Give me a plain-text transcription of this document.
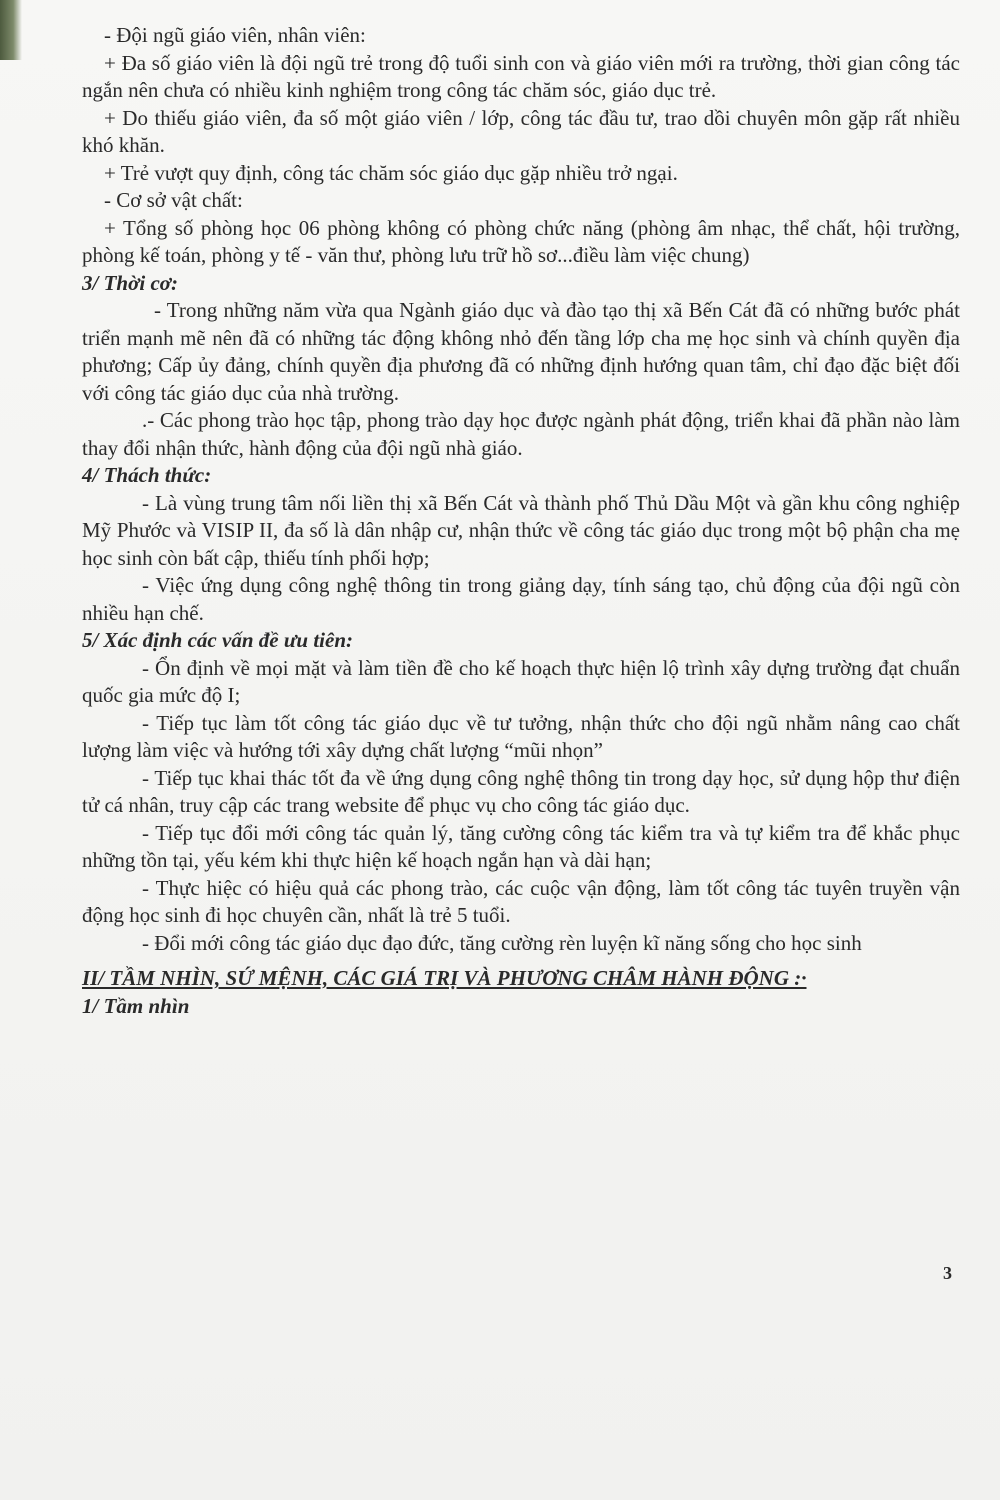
- Đội ngũ giáo viên, nhân viên:

+ Đa số giáo viên là đội ngũ trẻ trong độ tuổi sinh con và giáo viên mới ra trường, thời gian công tác ngắn nên chưa có nhiều kinh nghiệm trong công tác chăm sóc, giáo dục trẻ.

+ Do thiếu giáo viên, đa số một giáo viên / lớp, công tác đầu tư, trao dồi chuyên môn gặp rất nhiều khó khăn.

+ Trẻ vượt quy định, công tác chăm sóc giáo dục gặp nhiều trở ngại.

- Cơ sở vật chất:

+ Tổng số phòng học 06 phòng không có phòng chức năng (phòng âm nhạc, thể chất, hội trường, phòng kế toán, phòng y tế - văn thư, phòng lưu trữ hồ sơ...điều làm việc chung)

3/ Thời cơ:

- Trong những năm vừa qua Ngành giáo dục và đào tạo thị xã Bến Cát đã có những bước phát triển mạnh mẽ nên đã có những tác động không nhỏ đến tầng lớp cha mẹ học sinh và chính quyền địa phương; Cấp ủy đảng, chính quyền địa phương đã có những định hướng quan tâm, chỉ đạo đặc biệt đối với công tác giáo dục của nhà trường.

.- Các phong trào học tập, phong trào dạy học được ngành phát động, triển khai đã phần nào làm thay đổi nhận thức, hành động của đội ngũ nhà giáo.

4/ Thách thức:

- Là vùng trung tâm nối liền thị xã Bến Cát và thành phố Thủ Dầu Một và gần khu công nghiệp Mỹ Phước và VISIP II, đa số là dân nhập cư, nhận thức về công tác giáo dục trong một bộ phận cha mẹ học sinh còn bất cập, thiếu tính phối hợp;

- Việc ứng dụng công nghệ thông tin trong giảng dạy, tính sáng tạo, chủ động của đội ngũ còn nhiều hạn chế.

5/ Xác định các vấn đề ưu tiên:

- Ổn định về mọi mặt và làm tiền đề cho kế hoạch thực hiện lộ trình xây dựng trường đạt chuẩn quốc gia mức độ I;

- Tiếp tục làm tốt công tác giáo dục về tư tưởng, nhận thức cho đội ngũ nhằm nâng cao chất lượng làm việc và hướng tới xây dựng chất lượng “mũi nhọn”

- Tiếp tục khai thác tốt đa về ứng dụng công nghệ thông tin trong dạy học, sử dụng hộp thư điện tử cá nhân, truy cập các trang website để phục vụ cho công tác giáo dục.

- Tiếp tục đổi mới công tác quản lý, tăng cường công tác kiểm tra và tự kiểm tra để khắc phục những tồn tại, yếu kém khi thực hiện kế hoạch ngắn hạn và dài hạn;

- Thực hiệc có hiệu quả các phong trào, các cuộc vận động, làm tốt công tác tuyên truyền vận động học sinh đi học chuyên cần, nhất là trẻ 5 tuổi.

- Đổi mới công tác giáo dục đạo đức, tăng cường rèn luyện kĩ năng sống cho học sinh

II/ TẦM NHÌN, SỨ MỆNH, CÁC GIÁ TRỊ VÀ PHƯƠNG CHÂM HÀNH ĐỘNG :·

1/ Tầm nhìn

3
